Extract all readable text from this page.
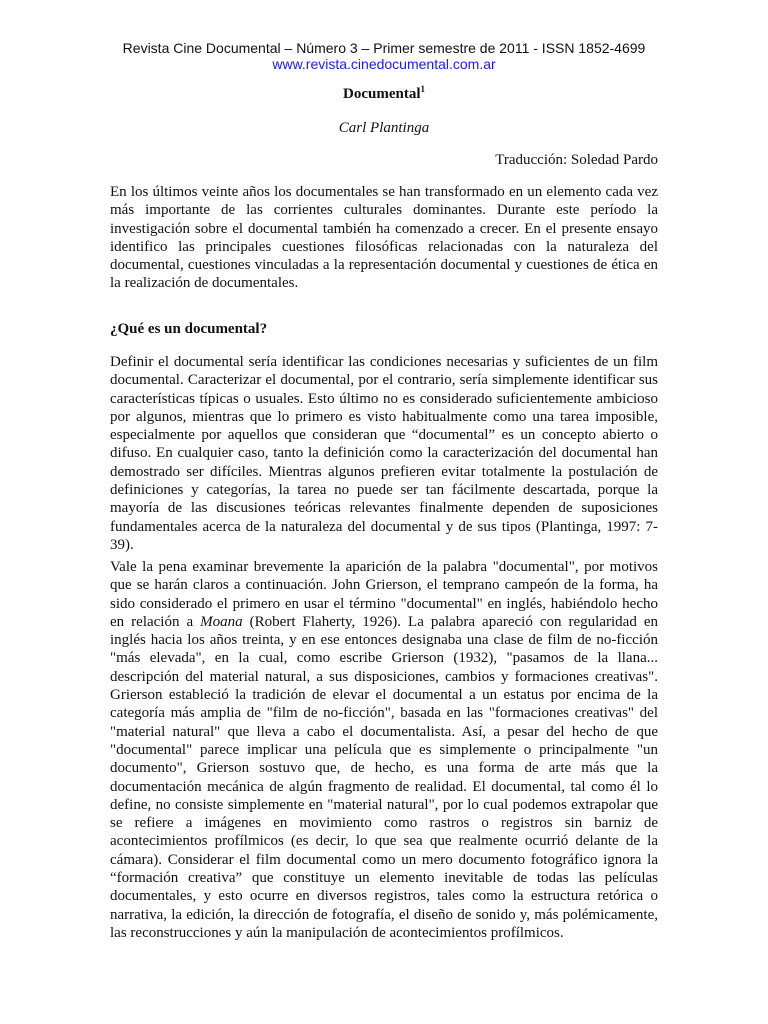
Revista Cine Documental – Número 3 – Primer semestre de 2011 - ISSN 1852-4699
www.revista.cinedocumental.com.ar
Documental$^1$
Carl Plantinga
Traducción: Soledad Pardo

En los últimos veinte años los documentales se han transformado en un elemento cada vez más importante de las corrientes culturales dominantes. Durante este período la investigación sobre el documental también ha comenzado a crecer. En el presente ensayo identifico las principales cuestiones filosóficas relacionadas con la naturaleza del documental, cuestiones vinculadas a la representación documental y cuestiones de ética en la realización de documentales.

¿Qué es un documental?

Definir el documental sería identificar las condiciones necesarias y suficientes de un film documental. Caracterizar el documental, por el contrario, sería simplemente identificar sus características típicas o usuales. Esto último no es considerado suficientemente ambicioso por algunos, mientras que lo primero es visto habitualmente como una tarea imposible, especialmente por aquellos que consideran que “documental” es un concepto abierto o difuso. En cualquier caso, tanto la definición como la caracterización del documental han demostrado ser difíciles. Mientras algunos prefieren evitar totalmente la postulación de definiciones y categorías, la tarea no puede ser tan fácilmente descartada, porque la mayoría de las discusiones teóricas relevantes finalmente dependen de suposiciones fundamentales acerca de la naturaleza del documental y de sus tipos (Plantinga, 1997: 7-39).

Vale la pena examinar brevemente la aparición de la palabra "documental", por motivos que se harán claros a continuación. John Grierson, el temprano campeón de la forma, ha sido considerado el primero en usar el término "documental" en inglés, habiéndolo hecho en relación a Moana (Robert Flaherty, 1926). La palabra apareció con regularidad en inglés hacia los años treinta, y en ese entonces designaba una clase de film de no-ficción "más elevada", en la cual, como escribe Grierson (1932), "pasamos de la llana... descripción del material natural, a sus disposiciones, cambios y formaciones creativas". Grierson estableció la tradición de elevar el documental a un estatus por encima de la categoría más amplia de "film de no-ficción", basada en las "formaciones creativas" del "material natural" que lleva a cabo el documentalista. Así, a pesar del hecho de que "documental" parece implicar una película que es simplemente o principalmente "un documento", Grierson sostuvo que, de hecho, es una forma de arte más que la documentación mecánica de algún fragmento de realidad. El documental, tal como él lo define, no consiste simplemente en "material natural", por lo cual podemos extrapolar que se refiere a imágenes en movimiento como rastros o registros sin barniz de acontecimientos profílmicos (es decir, lo que sea que realmente ocurrió delante de la cámara). Considerar el film documental como un mero documento fotográfico ignora la “formación creativa” que constituye un elemento inevitable de todas las películas documentales, y esto ocurre en diversos registros, tales como la estructura retórica o narrativa, la edición, la dirección de fotografía, el diseño de sonido y, más polémicamente, las reconstrucciones y aún la manipulación de acontecimientos profílmicos.
